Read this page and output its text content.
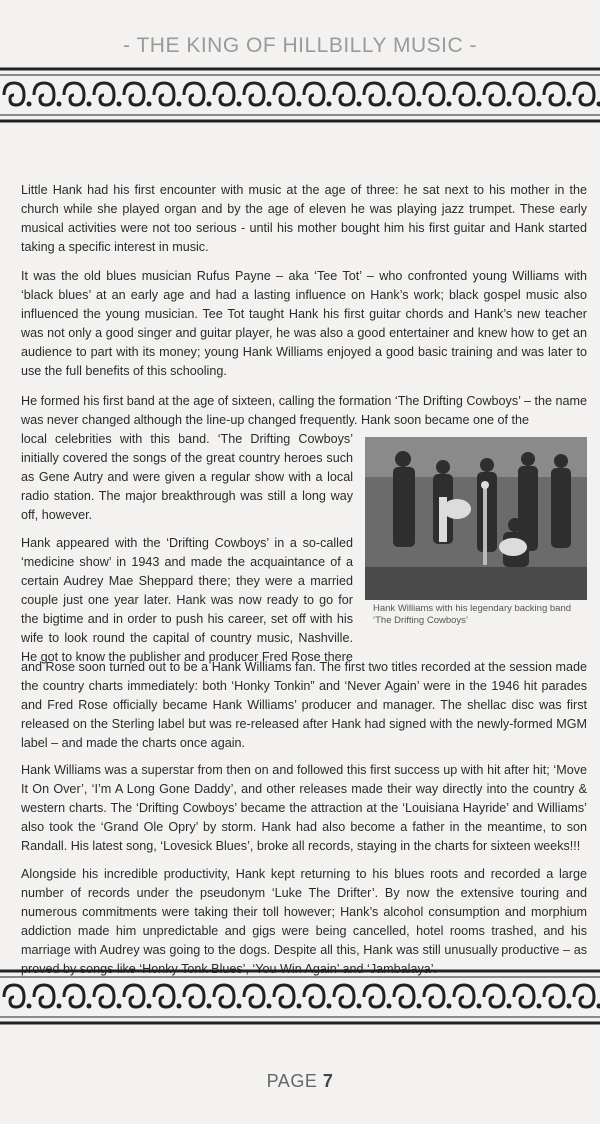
- THE KING OF HILLBILLY MUSIC -
Little Hank had his first encounter with music at the age of three: he sat next to his mother in the church while she played organ and by the age of eleven he was playing jazz trumpet. These early musical activities were not too serious - until his mother bought him his first guitar and Hank started taking a specific interest in music.
It was the old blues musician Rufus Payne – aka ‘Tee Tot’ – who confronted young Williams with ‘black blues’ at an early age and had a lasting influence on Hank’s work; black gospel music also influenced the young musician. Tee Tot taught Hank his first guitar chords and Hank’s new teacher was not only a good singer and guitar player, he was also a good entertainer and knew how to get an audience to part with its money; young Hank Williams enjoyed a good basic training and was later to use the full benefits of this schooling.
He formed his first band at the age of sixteen, calling the formation ‘The Drifting Cowboys’ – the name was never changed although the line-up changed frequently. Hank soon became one of the
local celebrities with this band. ‘The Drifting Cowboys’ initially covered the songs of the great country heroes such as Gene Autry and were given a regular show with a local radio station. The major breakthrough was still a long way off, however.
Hank appeared with the ‘Drifting Cowboys’ in a so-called ‘medicine show’ in 1943 and made the acquaintance of a certain Audrey Mae Sheppard there; they were a married couple just one year later. Hank was now ready to go for the bigtime and in order to push his career, set off with his wife to look round the capital of country music, Nashville. He got to know the publisher and producer Fred Rose there
and Rose soon turned out to be a Hank Williams fan. The first two titles recorded at the session made the country charts immediately: both ‘Honky Tonkin” and ‘Never Again’ were in the 1946 hit parades and Fred Rose officially became Hank Williams’ producer and manager. The shellac disc was first released on the Sterling label but was re-released after Hank had signed with the newly-formed MGM label – and made the charts once again.
Hank Williams was a superstar from then on and followed this first success up with hit after hit; ‘Move It On Over’, ‘I’m A Long Gone Daddy’, and other releases made their way directly into the country & western charts. The ‘Drifting Cowboys’ became the attraction at the ‘Louisiana Hayride’ and Williams’ also took the ‘Grand Ole Opry’ by storm. Hank had also become a father in the meantime, to son Randall. His latest song, ‘Lovesick Blues’, broke all records, staying in the charts for sixteen weeks!!!
Alongside his incredible productivity, Hank kept returning to his blues roots and recorded a large number of records under the pseudonym ‘Luke The Drifter’. By now the extensive touring and numerous commitments were taking their toll however; Hank’s alcohol consumption and morphium addiction made him unpredictable and gigs were being cancelled, hotel rooms trashed, and his marriage with Audrey was going to the dogs. Despite all this, Hank was still unusually productive – as proved by songs like ‘Honky Tonk Blues’, ‘You Win Again’ and ‘Jambalaya’.
Hank Williams with his legendary backing band
‘The Drifting Cowboys’
PAGE 7
